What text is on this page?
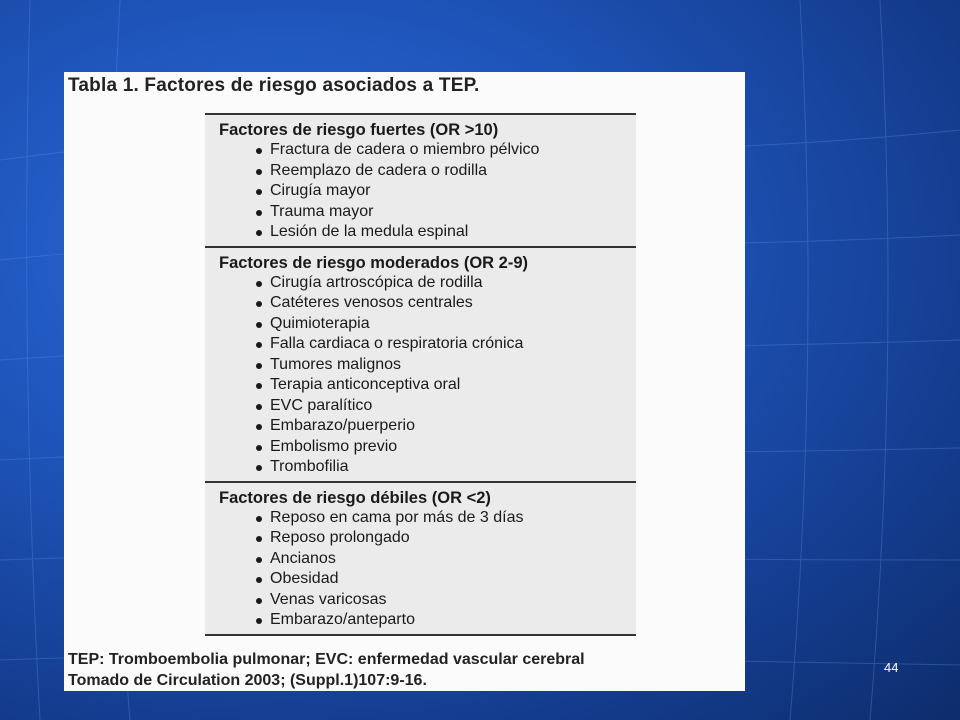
Tabla 1. Factores de riesgo asociados a TEP.
Factores de riesgo fuertes (OR >10)
Fractura de cadera o miembro pélvico
Reemplazo de cadera o rodilla
Cirugía mayor
Trauma mayor
Lesión de la medula espinal
Factores de riesgo moderados (OR 2-9)
Cirugía artroscópica de rodilla
Catéteres venosos centrales
Quimioterapia
Falla cardiaca o respiratoria crónica
Tumores malignos
Terapia anticonceptiva oral
EVC paralítico
Embarazo/puerperio
Embolismo previo
Trombofilia
Factores de riesgo débiles (OR <2)
Reposo en cama por más de 3 días
Reposo prolongado
Ancianos
Obesidad
Venas varicosas
Embarazo/anteparto
TEP: Tromboembolia pulmonar; EVC: enfermedad vascular cerebral
Tomado de Circulation 2003; (Suppl.1)107:9-16.
44
